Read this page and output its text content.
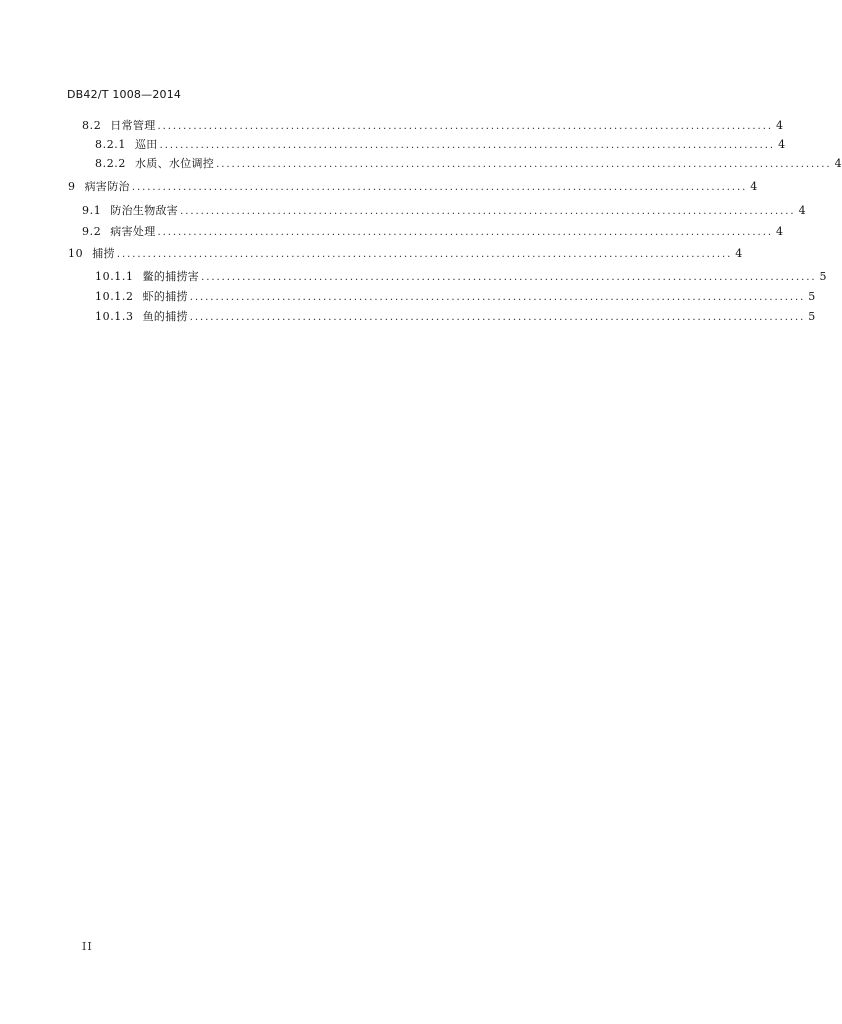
DB42/T 1008—2014
8.2 日常管理 ........................................................................................................................ 4
8.2.1 巡田 ........................................................................................................................ 4
8.2.2 水质、水位调控 ........................................................................................................................ 4
9 病害防治 ........................................................................................................................ 4
9.1 防治生物敌害 ........................................................................................................................ 4
9.2 病害处理 ........................................................................................................................ 4
10 捕捞 ........................................................................................................................ 4
10.1.1 鳖的捕捞害 ........................................................................................................................ 5
10.1.2 虾的捕捞 ........................................................................................................................ 5
10.1.3 鱼的捕捞 ........................................................................................................................ 5
II
